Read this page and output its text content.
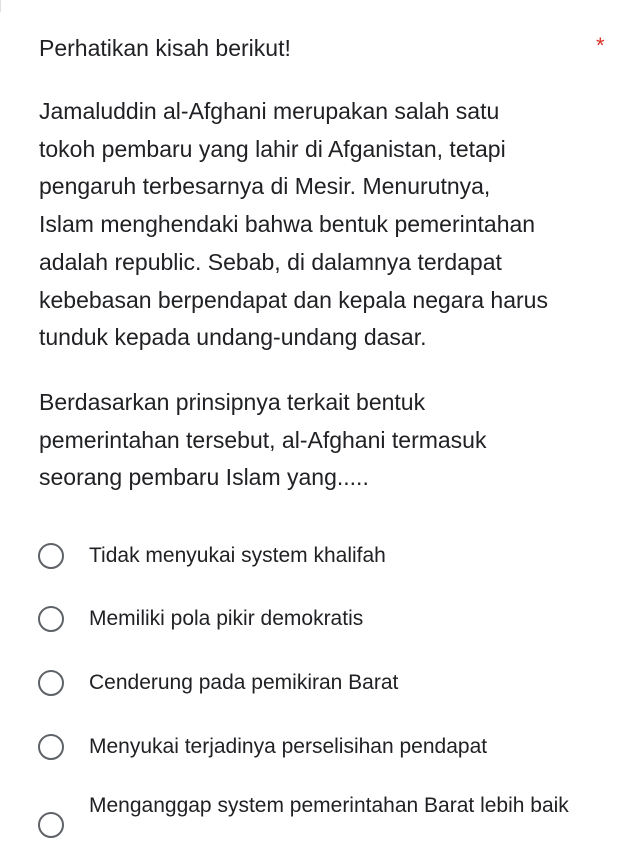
Perhatikan kisah berikut!	*
Jamaluddin al-Afghani merupakan salah satu
tokoh pembaru yang lahir di Afganistan, tetapi
pengaruh terbesarnya di Mesir. Menurutnya,
Islam menghendaki bahwa bentuk pemerintahan
adalah republic. Sebab, di dalamnya terdapat
kebebasan berpendapat dan kepala negara harus
tunduk kepada undang-undang dasar.
Berdasarkan prinsipnya terkait bentuk
pemerintahan tersebut, al-Afghani termasuk
seorang pembaru Islam yang.....
Tidak menyukai system khalifah
Memiliki pola pikir demokratis
Cenderung pada pemikiran Barat
Menyukai terjadinya perselisihan pendapat
Menganggap system pemerintahan Barat lebih baik
